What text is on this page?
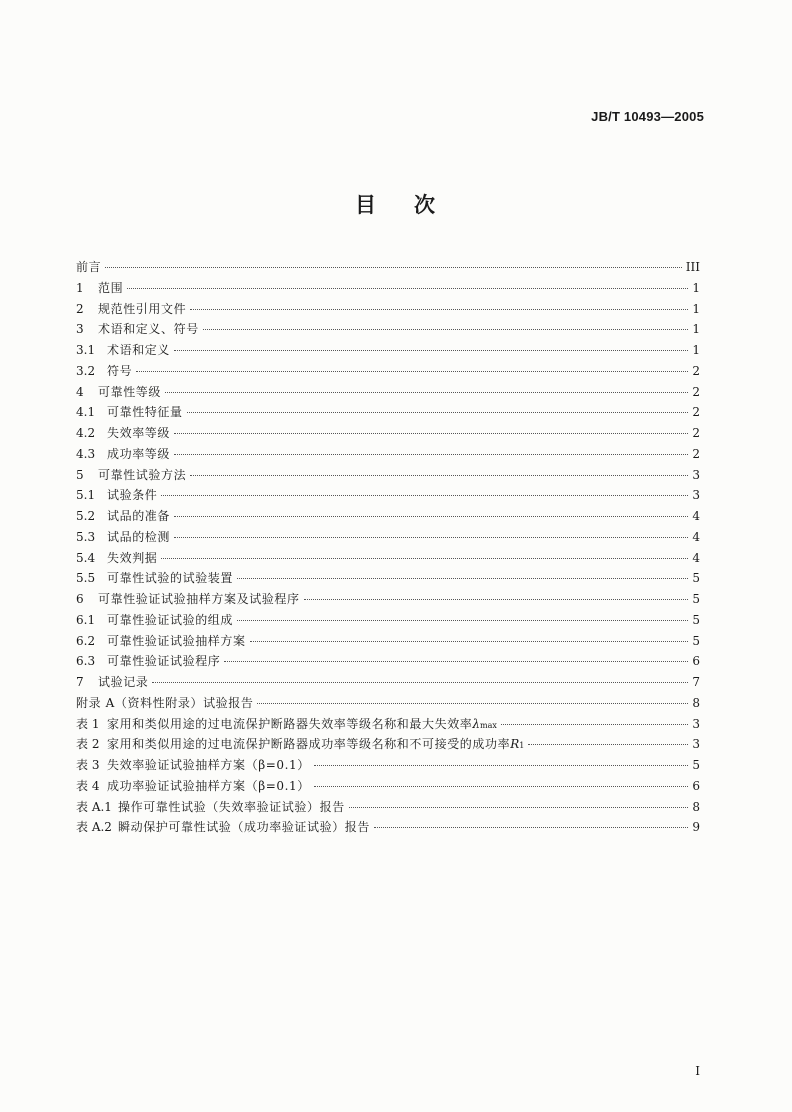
JB/T 10493—2005
目 次
前言	III
1	范围	1
2	规范性引用文件	1
3	术语和定义、符号	1
3.1 术语和定义	1
3.2 符号	2
4	可靠性等级	2
4.1 可靠性特征量	2
4.2 失效率等级	2
4.3 成功率等级	2
5	可靠性试验方法	3
5.1 试验条件	3
5.2 试品的准备	4
5.3 试品的检测	4
5.4 失效判据	4
5.5 可靠性试验的试验装置	5
6	可靠性验证试验抽样方案及试验程序	5
6.1 可靠性验证试验的组成	5
6.2 可靠性验证试验抽样方案	5
6.3 可靠性验证试验程序	6
7	试验记录	7
附录 A（资料性附录）试验报告	8
表 1 家用和类似用途的过电流保护断路器失效率等级名称和最大失效率 λ max	3
表 2 家用和类似用途的过电流保护断路器成功率等级名称和不可接受的成功率 R 1	3
表 3 失效率验证试验抽样方案（β=0.1）	5
表 4 成功率验证试验抽样方案（β=0.1）	6
表 A.1 操作可靠性试验（失效率验证试验）报告	8
表 A.2 瞬动保护可靠性试验（成功率验证试验）报告	9
I
